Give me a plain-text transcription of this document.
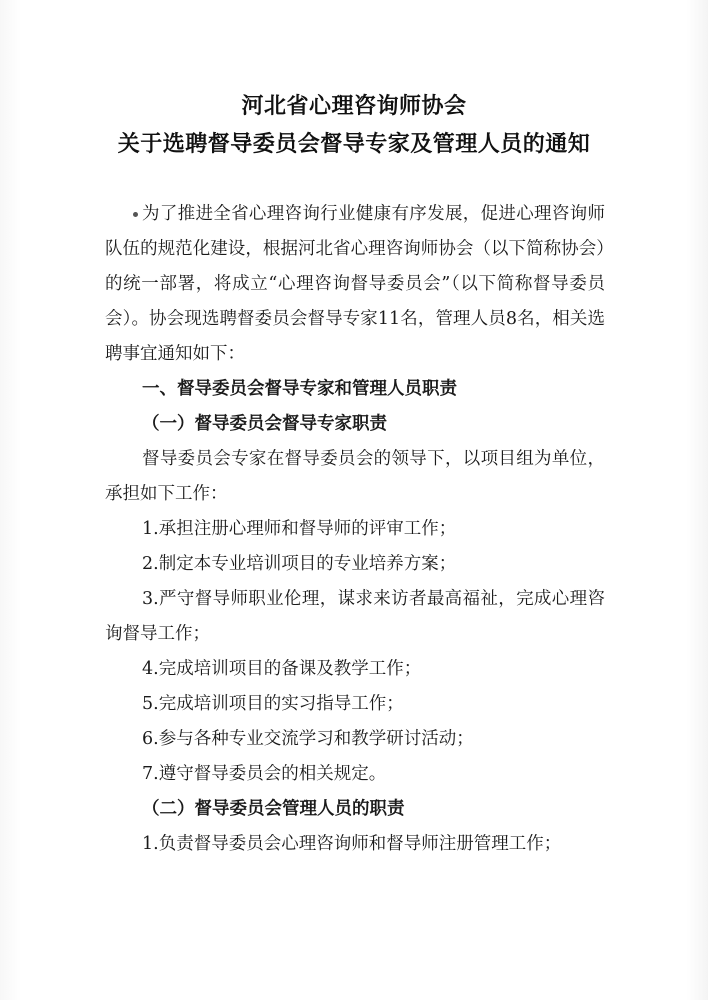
河北省心理咨询师协会
关于选聘督导委员会督导专家及管理人员的通知

为了推进全省心理咨询行业健康有序发展，促进心理咨询师队伍的规范化建设，根据河北省心理咨询师协会（以下简称协会）的统一部署，将成立“心理咨询督导委员会”（以下简称督导委员会）。协会现选聘督委员会督导专家11名，管理人员8名，相关选聘事宜通知如下：

一、督导委员会督导专家和管理人员职责

（一）督导委员会督导专家职责

督导委员会专家在督导委员会的领导下，以项目组为单位，承担如下工作：

1.承担注册心理师和督导师的评审工作；

2.制定本专业培训项目的专业培养方案；

3.严守督导师职业伦理，谋求来访者最高福祉，完成心理咨询督导工作；

4.完成培训项目的备课及教学工作；

5.完成培训项目的实习指导工作；

6.参与各种专业交流学习和教学研讨活动；

7.遵守督导委员会的相关规定。

（二）督导委员会管理人员的职责

1.负责督导委员会心理咨询师和督导师注册管理工作；
